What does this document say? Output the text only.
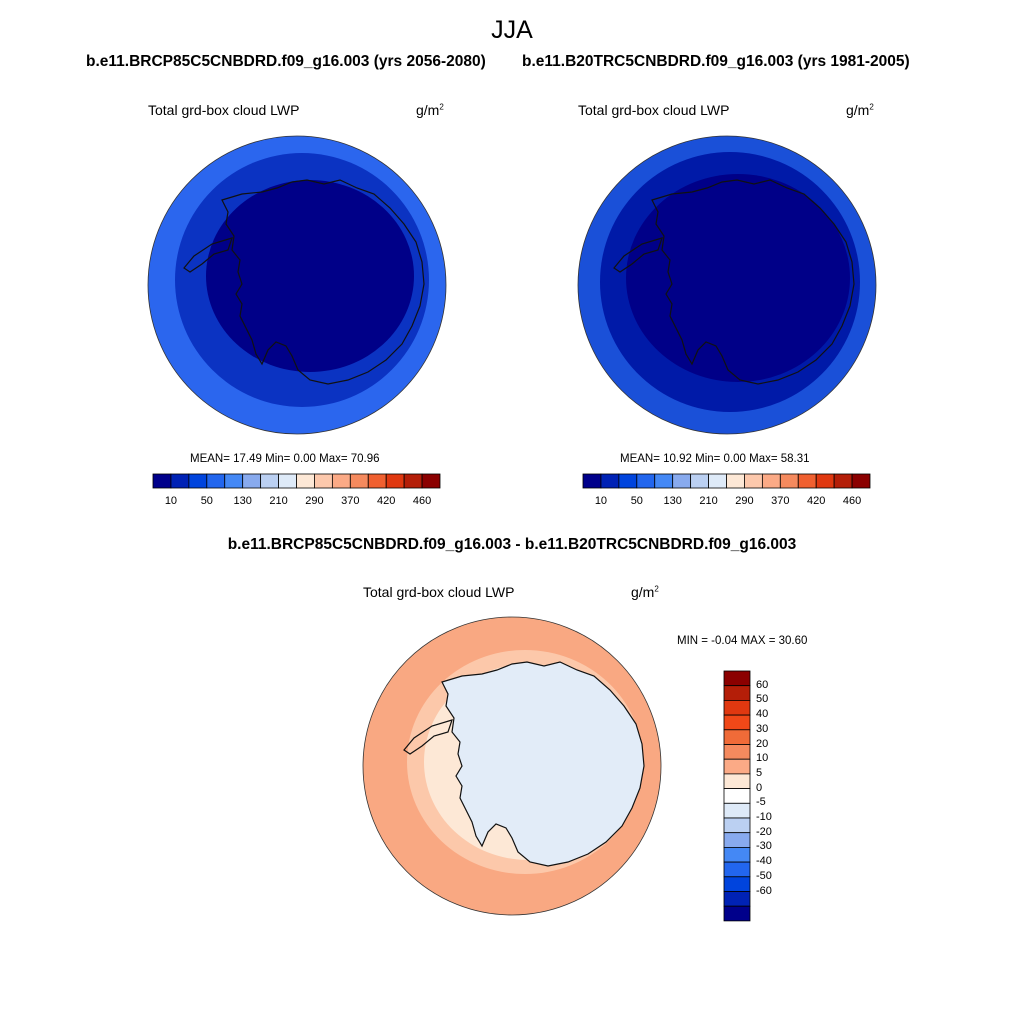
JJA
b.e11.BRCP85C5CNBDRD.f09_g16.003 (yrs 2056-2080) b.e11.B20TRC5CNBDRD.f09_g16.003 (yrs 1981-2005)
Total grd-box cloud LWP	$g/m^2$	Total grd-box cloud LWP	$g/m^2$
MEAN= 17.49 Min= 0.00 Max= 70.96	MEAN= 10.92 Min= 0.00 Max= 58.31
10 50 130 210 290 370 420 460	10 50 130 210 290 370 420 460
b.e11.BRCP85C5CNBDRD.f09_g16.003 - b.e11.B20TRC5CNBDRD.f09_g16.003
Total grd-box cloud LWP	$g/m^2$
MIN = -0.04 MAX = 30.60
60
50
40
30
20
10
5
0
-5
-10
-20
-30
-40
-50
-60
